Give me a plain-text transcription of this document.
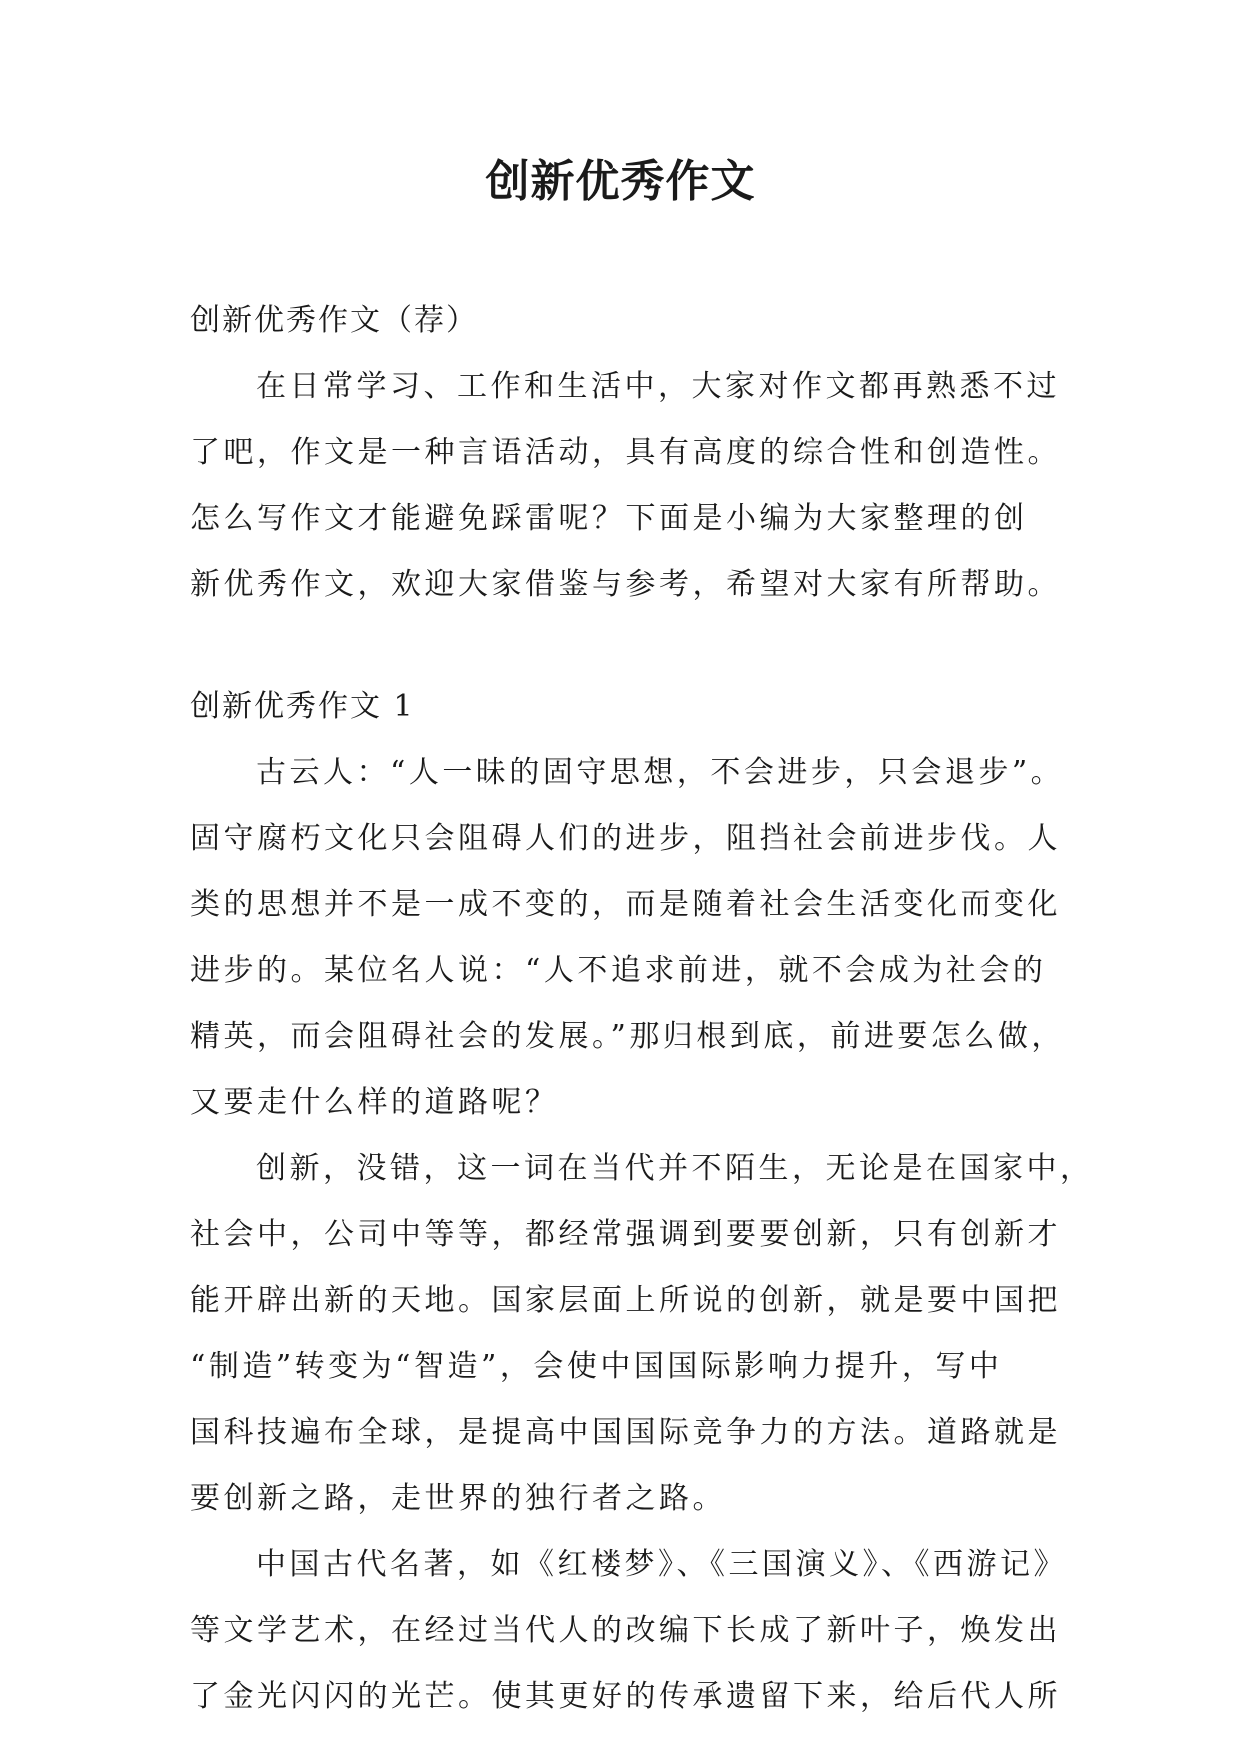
创新优秀作文
创新优秀作文（荐）
在日常学习、工作和生活中，大家对作文都再熟悉不过
了吧，作文是一种言语活动，具有高度的综合性和创造性。
怎么写作文才能避免踩雷呢？下面是小编为大家整理的创
新优秀作文，欢迎大家借鉴与参考，希望对大家有所帮助。
创新优秀作文 1
古云人：“人一昧的固守思想，不会进步，只会退步”。
固守腐朽文化只会阻碍人们的进步，阻挡社会前进步伐。人
类的思想并不是一成不变的，而是随着社会生活变化而变化
进步的。某位名人说：“人不追求前进，就不会成为社会的
精英，而会阻碍社会的发展。”那归根到底，前进要怎么做，
又要走什么样的道路呢？
创新，没错，这一词在当代并不陌生，无论是在国家中，
社会中，公司中等等，都经常强调到要要创新，只有创新才
能开辟出新的天地。国家层面上所说的创新，就是要中国把
“制造”转变为“智造”，会使中国国际影响力提升，写中
国科技遍布全球，是提高中国国际竞争力的方法。道路就是
要创新之路，走世界的独行者之路。
中国古代名著，如《红楼梦》、《三国演义》、《西游记》
等文学艺术，在经过当代人的改编下长成了新叶子，焕发出
了金光闪闪的光芒。使其更好的传承遗留下来，给后代人所
